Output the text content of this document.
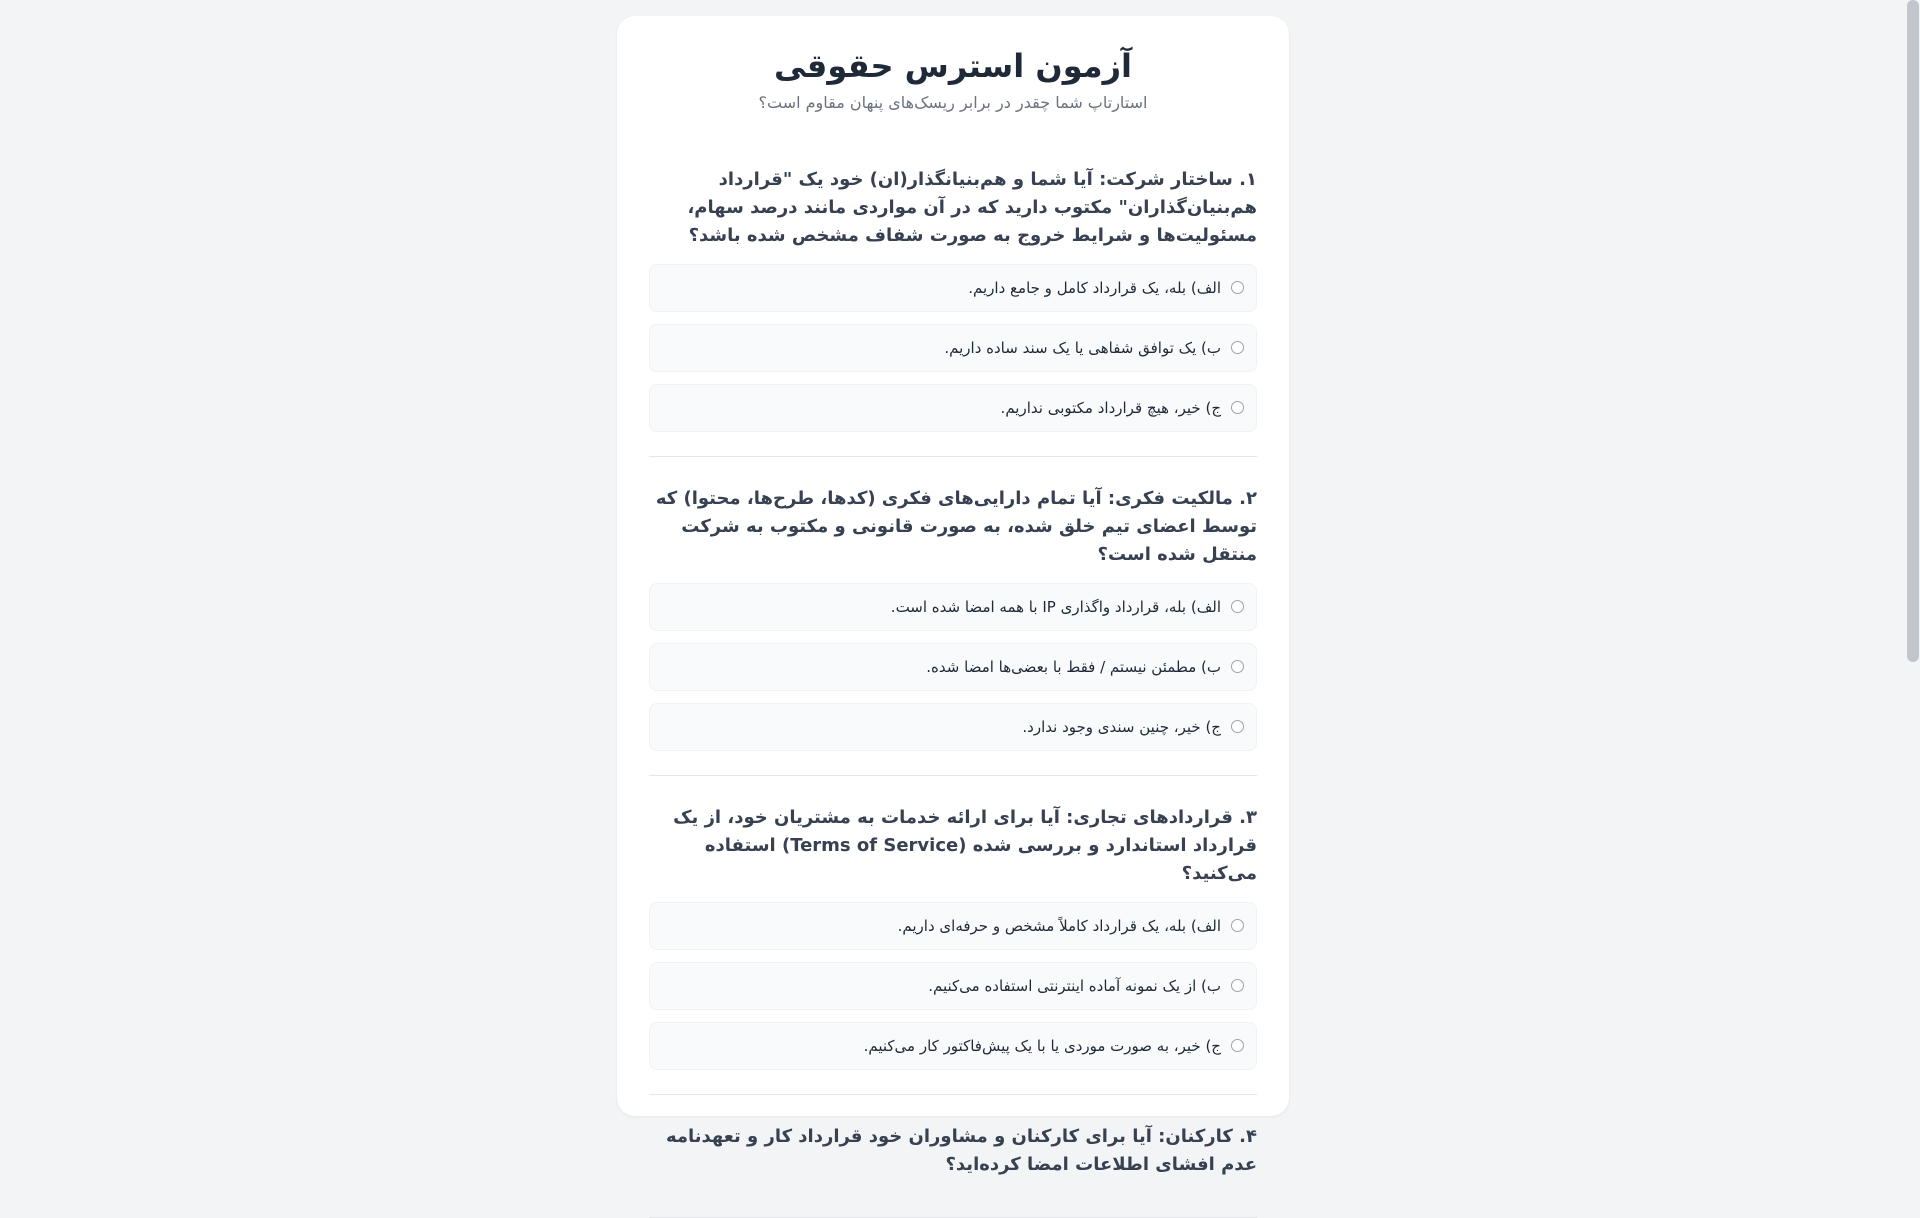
آزمون استرس حقوقی

استارتاپ شما چقدر در برابر ریسک‌های پنهان مقاوم است؟

۱. ساختار شرکت: آیا شما و هم‌بنیانگذار(ان) خود یک "قرارداد هم‌بنیان‌گذاران" مکتوب دارید که در آن مواردی مانند درصد سهام، مسئولیت‌ها و شرایط خروج به صورت شفاف مشخص شده باشد؟

الف) بله، یک قرارداد کامل و جامع داریم.
ب) یک توافق شفاهی یا یک سند ساده داریم.
ج) خیر، هیچ قرارداد مکتوبی نداریم.

۲. مالکیت فکری: آیا تمام دارایی‌های فکری (کدها، طرح‌ها، محتوا) که توسط اعضای تیم خلق شده، به صورت قانونی و مکتوب به شرکت منتقل شده است؟

الف) بله، قرارداد واگذاری IP با همه امضا شده است.
ب) مطمئن نیستم / فقط با بعضی‌ها امضا شده.
ج) خیر، چنین سندی وجود ندارد.

۳. قراردادهای تجاری: آیا برای ارائه خدمات به مشتریان خود، از یک قرارداد استاندارد و بررسی شده (Terms of Service) استفاده می‌کنید؟

الف) بله، یک قرارداد کاملاً مشخص و حرفه‌ای داریم.
ب) از یک نمونه آماده اینترنتی استفاده می‌کنیم.
ج) خیر، به صورت موردی یا با یک پیش‌فاکتور کار می‌کنیم.

۴. کارکنان: آیا برای کارکنان و مشاوران خود قرارداد کار و تعهدنامه عدم افشای اطلاعات امضا کرده‌اید؟
